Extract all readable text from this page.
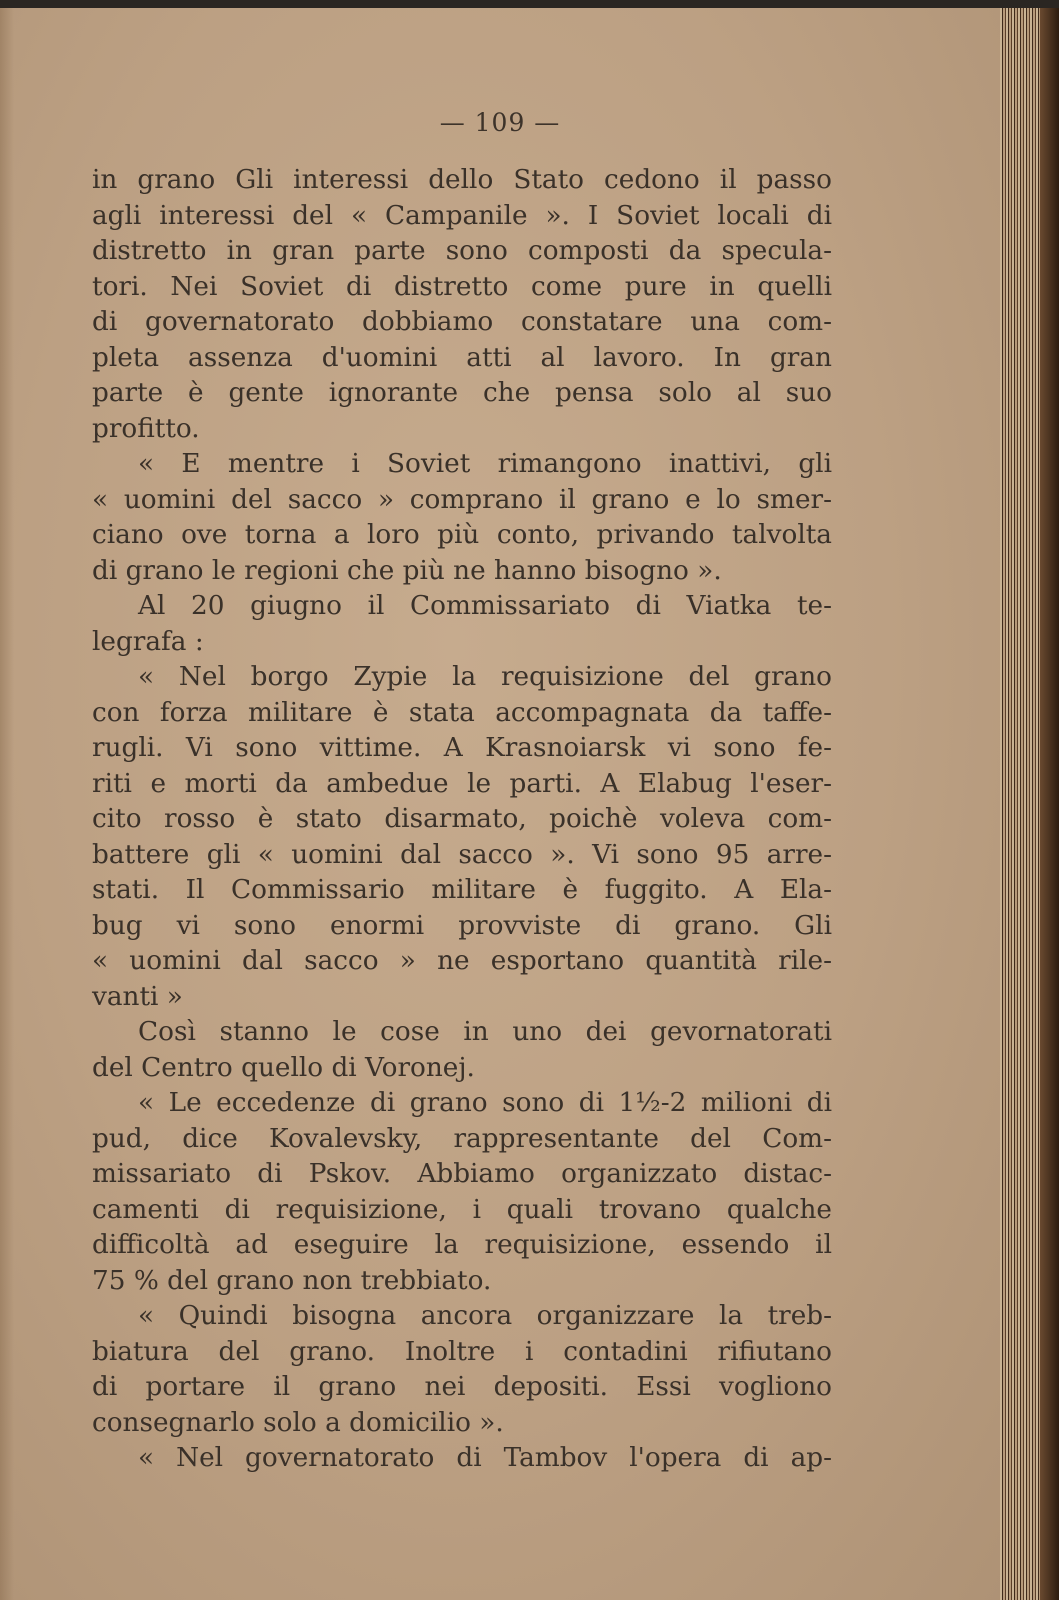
— 109 —
in grano Gli interessi dello Stato cedono il passo
agli interessi del « Campanile ». I Soviet locali di
distretto in gran parte sono composti da specula-
tori. Nei Soviet di distretto come pure in quelli
di governatorato dobbiamo constatare una com-
pleta assenza d'uomini atti al lavoro. In gran
parte è gente ignorante che pensa solo al suo
profitto.
« E mentre i Soviet rimangono inattivi, gli
« uomini del sacco » comprano il grano e lo smer-
ciano ove torna a loro più conto, privando talvolta
di grano le regioni che più ne hanno bisogno ».
Al 20 giugno il Commissariato di Viatka te-
legrafa :
« Nel borgo Zypie la requisizione del grano
con forza militare è stata accompagnata da taffe-
rugli. Vi sono vittime. A Krasnoiarsk vi sono fe-
riti e morti da ambedue le parti. A Elabug l'eser-
cito rosso è stato disarmato, poichè voleva com-
battere gli « uomini dal sacco ». Vi sono 95 arre-
stati. Il Commissario militare è fuggito. A Ela-
bug vi sono enormi provviste di grano. Gli
« uomini dal sacco » ne esportano quantità rile-
vanti »
Così stanno le cose in uno dei gevornatorati
del Centro quello di Voronej.
« Le eccedenze di grano sono di 1½-2 milioni di
pud, dice Kovalevsky, rappresentante del Com-
missariato di Pskov. Abbiamo organizzato distac-
camenti di requisizione, i quali trovano qualche
difficoltà ad eseguire la requisizione, essendo il
75 % del grano non trebbiato.
« Quindi bisogna ancora organizzare la treb-
biatura del grano. Inoltre i contadini rifiutano
di portare il grano nei depositi. Essi vogliono
consegnarlo solo a domicilio ».
« Nel governatorato di Tambov l'opera di ap-
